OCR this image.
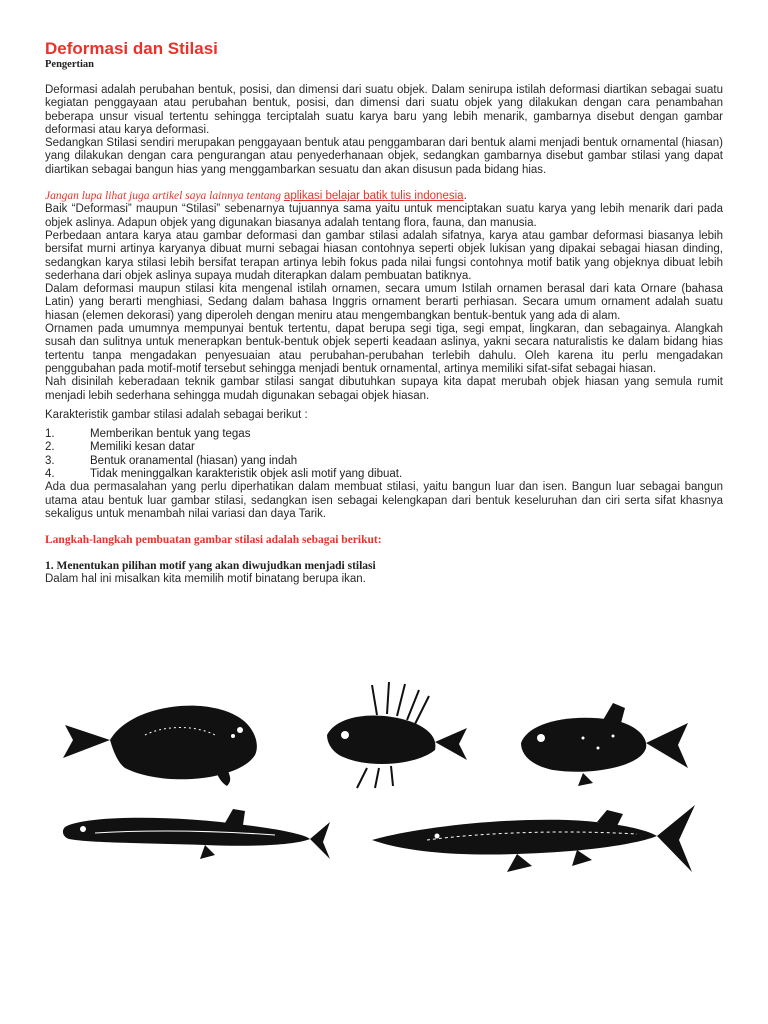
Deformasi dan Stilasi
Pengertian

Deformasi adalah perubahan bentuk, posisi, dan dimensi dari suatu objek. Dalam senirupa istilah deformasi diartikan sebagai suatu kegiatan penggayaan atau perubahan bentuk, posisi, dan dimensi dari suatu objek yang dilakukan dengan cara penambahan beberapa unsur visual tertentu sehingga terciptalah suatu karya baru yang lebih menarik, gambarnya disebut dengan gambar deformasi atau karya deformasi.

Sedangkan Stilasi sendiri merupakan penggayaan bentuk atau penggambaran dari bentuk alami menjadi bentuk ornamental (hiasan) yang dilakukan dengan cara pengurangan atau penyederhanaan objek, sedangkan gambarnya disebut gambar stilasi yang dapat diartikan sebagai bangun hias yang menggambarkan sesuatu dan akan disusun pada bidang hias.

Jangan lupa lihat juga artikel saya lainnya tentang aplikasi belajar batik tulis indonesia.

Baik “Deformasi” maupun “Stilasi” sebenarnya tujuannya sama yaitu untuk menciptakan suatu karya yang lebih menarik dari pada objek aslinya. Adapun objek yang digunakan biasanya adalah tentang flora, fauna, dan manusia.

Perbedaan antara karya atau gambar deformasi dan gambar stilasi adalah sifatnya, karya atau gambar deformasi biasanya lebih bersifat murni artinya karyanya dibuat murni sebagai hiasan contohnya seperti objek lukisan yang dipakai sebagai hiasan dinding, sedangkan karya stilasi lebih bersifat terapan artinya lebih fokus pada nilai fungsi contohnya motif batik yang objeknya dibuat lebih sederhana dari objek aslinya supaya mudah diterapkan dalam pembuatan batiknya.

Dalam deformasi maupun stilasi kita mengenal istilah ornamen, secara umum Istilah ornamen berasal dari kata Ornare (bahasa Latin) yang berarti menghiasi, Sedang dalam bahasa Inggris ornament berarti perhiasan. Secara umum ornament adalah suatu hiasan (elemen dekorasi) yang diperoleh dengan meniru atau mengembangkan bentuk-bentuk yang ada di alam.

Ornamen pada umumnya mempunyai bentuk tertentu, dapat berupa segi tiga, segi empat, lingkaran, dan sebagainya. Alangkah susah dan sulitnya untuk menerapkan bentuk-bentuk objek seperti keadaan aslinya, yakni secara naturalistis ke dalam bidang hias tertentu tanpa mengadakan penyesuaian atau perubahan-perubahan terlebih dahulu. Oleh karena itu perlu mengadakan penggubahan pada motif-motif tersebut sehingga menjadi bentuk ornamental, artinya memiliki sifat-sifat sebagai hiasan.

Nah disinilah keberadaan teknik gambar stilasi sangat dibutuhkan supaya kita dapat merubah objek hiasan yang semula rumit menjadi lebih sederhana sehingga mudah digunakan sebagai objek hiasan.

Karakteristik gambar stilasi adalah sebagai berikut :

1.	Memberikan bentuk yang tegas
2.	Memiliki kesan datar
3.	Bentuk oranamental (hiasan) yang indah
4.	Tidak meninggalkan karakteristik objek asli motif yang dibuat.

Ada dua permasalahan yang perlu diperhatikan dalam membuat stilasi, yaitu bangun luar dan isen. Bangun luar sebagai bangun utama atau bentuk luar gambar stilasi, sedangkan isen sebagai kelengkapan dari bentuk keseluruhan dan ciri serta sifat khasnya sekaligus untuk menambah nilai variasi dan daya Tarik.

Langkah-langkah pembuatan gambar stilasi adalah sebagai berikut:
1. Menentukan pilihan motif yang akan diwujudkan menjadi stilasi

Dalam hal ini misalkan kita memilih motif binatang berupa ikan.
